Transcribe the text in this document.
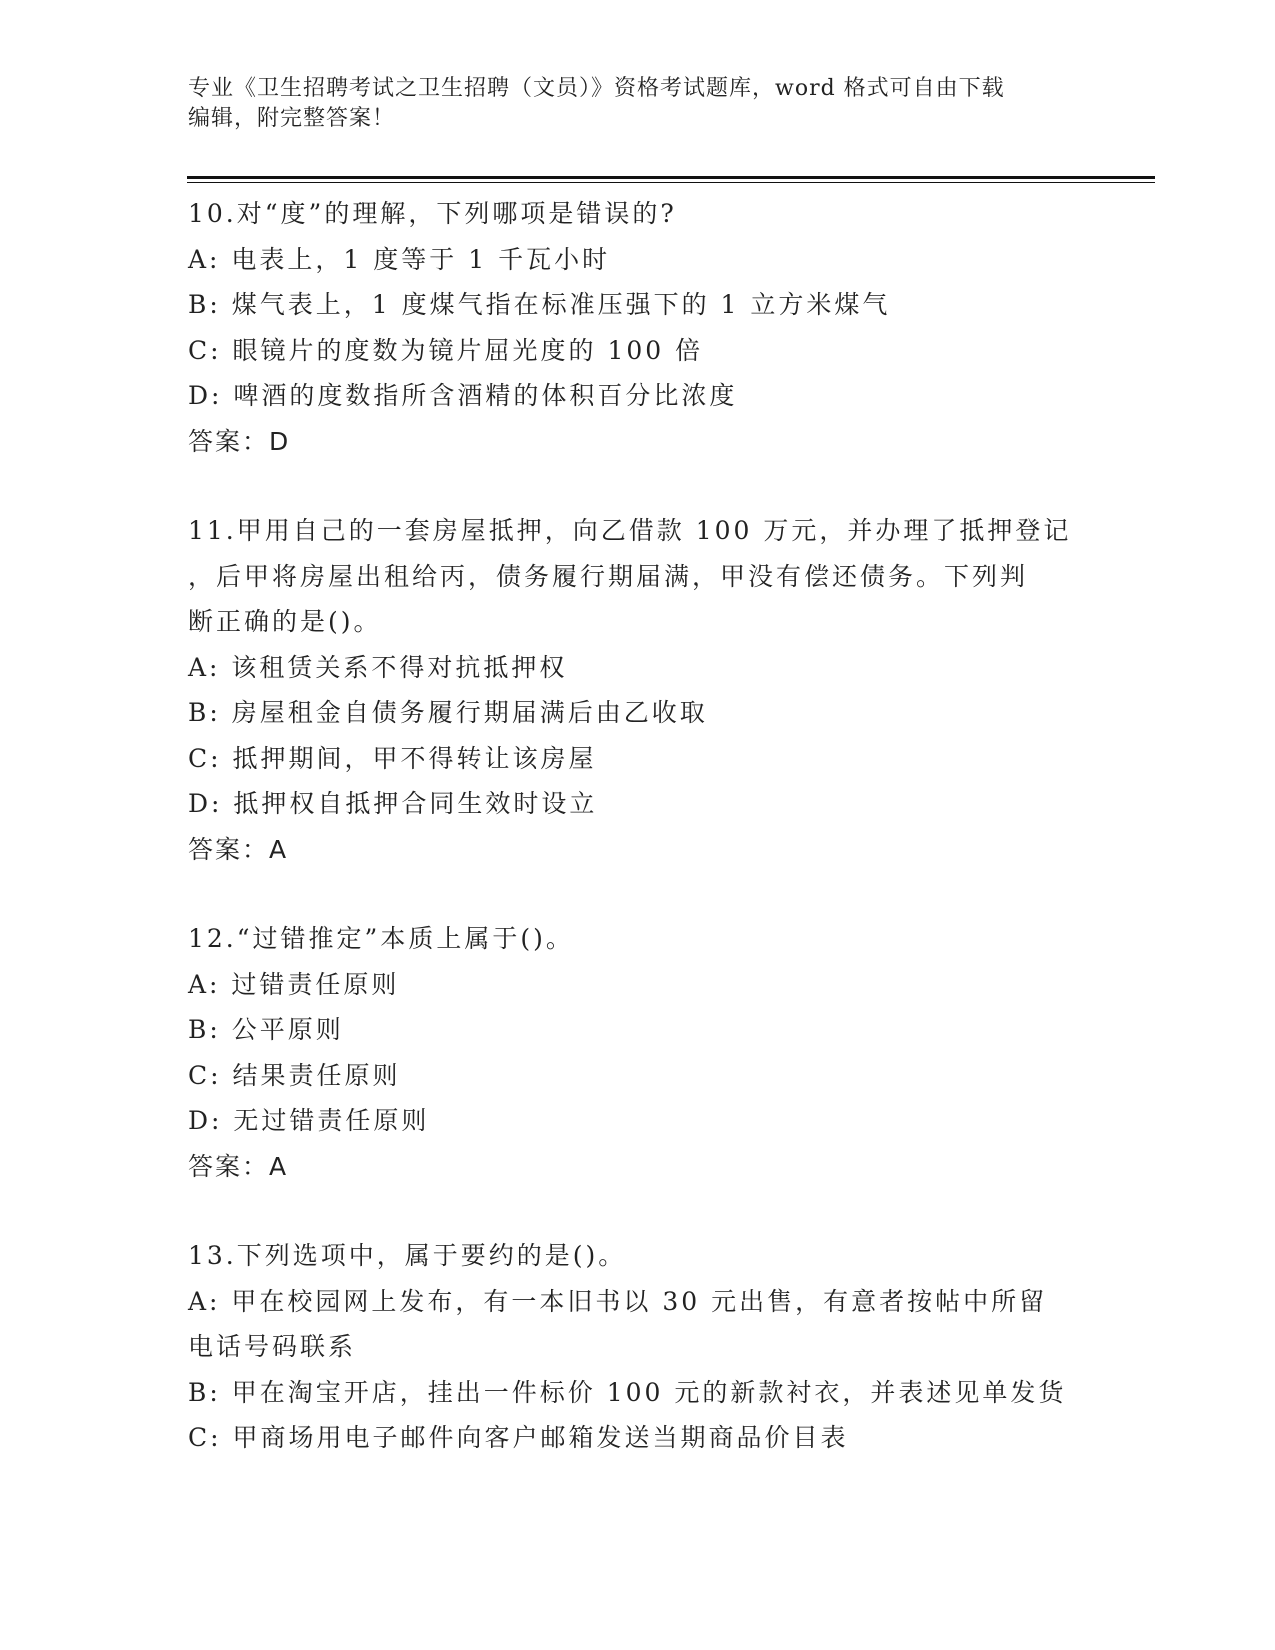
专业《卫生招聘考试之卫生招聘（文员）》资格考试题库，word 格式可自由下载
编辑，附完整答案！
10.对“度”的理解，下列哪项是错误的?
A: 电表上，1 度等于 1 千瓦小时
B: 煤气表上，1 度煤气指在标准压强下的 1 立方米煤气
C: 眼镜片的度数为镜片屈光度的 100 倍
D: 啤酒的度数指所含酒精的体积百分比浓度
答案：D
11.甲用自己的一套房屋抵押，向乙借款 100 万元，并办理了抵押登记
，后甲将房屋出租给丙，债务履行期届满，甲没有偿还债务。下列判
断正确的是()。
A: 该租赁关系不得对抗抵押权
B: 房屋租金自债务履行期届满后由乙收取
C: 抵押期间，甲不得转让该房屋
D: 抵押权自抵押合同生效时设立
答案：A
12.“过错推定”本质上属于()。
A: 过错责任原则
B: 公平原则
C: 结果责任原则
D: 无过错责任原则
答案：A
13.下列选项中，属于要约的是()。
A: 甲在校园网上发布，有一本旧书以 30 元出售，有意者按帖中所留
电话号码联系
B: 甲在淘宝开店，挂出一件标价 100 元的新款衬衣，并表述见单发货
C: 甲商场用电子邮件向客户邮箱发送当期商品价目表
